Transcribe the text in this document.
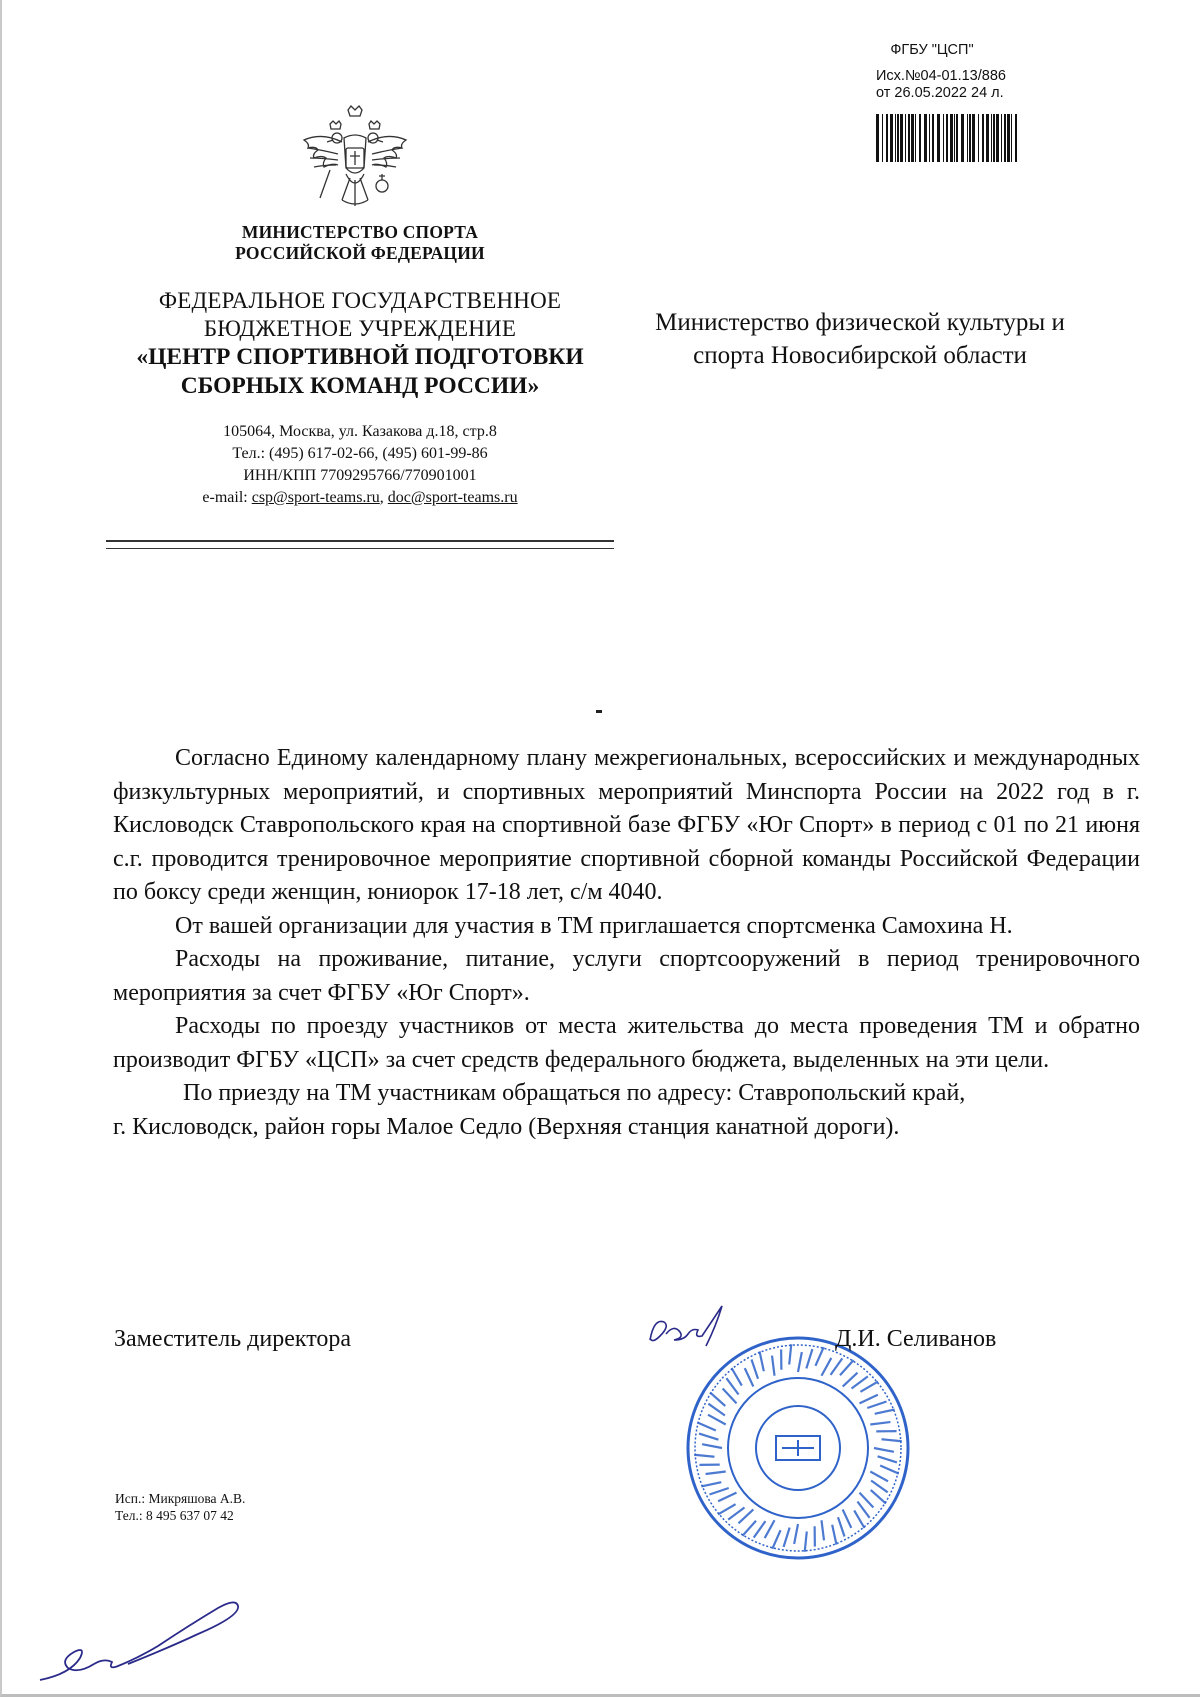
ФГБУ "ЦСП"
Исх.№04-01.13/886
от 26.05.2022 24 л.
МИНИСТЕРСТВО СПОРТА
РОССИЙСКОЙ ФЕДЕРАЦИИ
ФЕДЕРАЛЬНОЕ ГОСУДАРСТВЕННОЕ
БЮДЖЕТНОЕ УЧРЕЖДЕНИЕ
«ЦЕНТР СПОРТИВНОЙ ПОДГОТОВКИ
СБОРНЫХ КОМАНД РОССИИ»
105064, Москва, ул. Казакова д.18, стр.8
Тел.: (495) 617-02-66, (495) 601-99-86
ИНН/КПП 7709295766/770901001
e-mail: csp@sport-teams.ru, doc@sport-teams.ru
Министерство физической культуры и
спорта Новосибирской области

Согласно Единому календарному плану межрегиональных, всероссийских и международных физкультурных мероприятий, и спортивных мероприятий Минспорта России на 2022 год в г. Кисловодск Ставропольского края на спортивной базе ФГБУ «Юг Спорт» в период с 01 по 21 июня с.г. проводится тренировочное мероприятие спортивной сборной команды Российской Федерации по боксу среди женщин, юниорок 17-18 лет, с/м 4040.

От вашей организации для участия в ТМ приглашается спортсменка Самохина Н.

Расходы на проживание, питание, услуги спортсооружений в период тренировочного мероприятия за счет ФГБУ «Юг Спорт».

Расходы по проезду участников от места жительства до места проведения ТМ и обратно производит ФГБУ «ЦСП» за счет средств федерального бюджета, выделенных на эти цели.

По приезду на ТМ участникам обращаться по адресу: Ставропольский край,
г. Кисловодск, район горы Малое Седло (Верхняя станция канатной дороги).

Заместитель директора	Д.И. Селиванов
Исп.: Микряшова А.В.
Тел.: 8 495 637 07 42
